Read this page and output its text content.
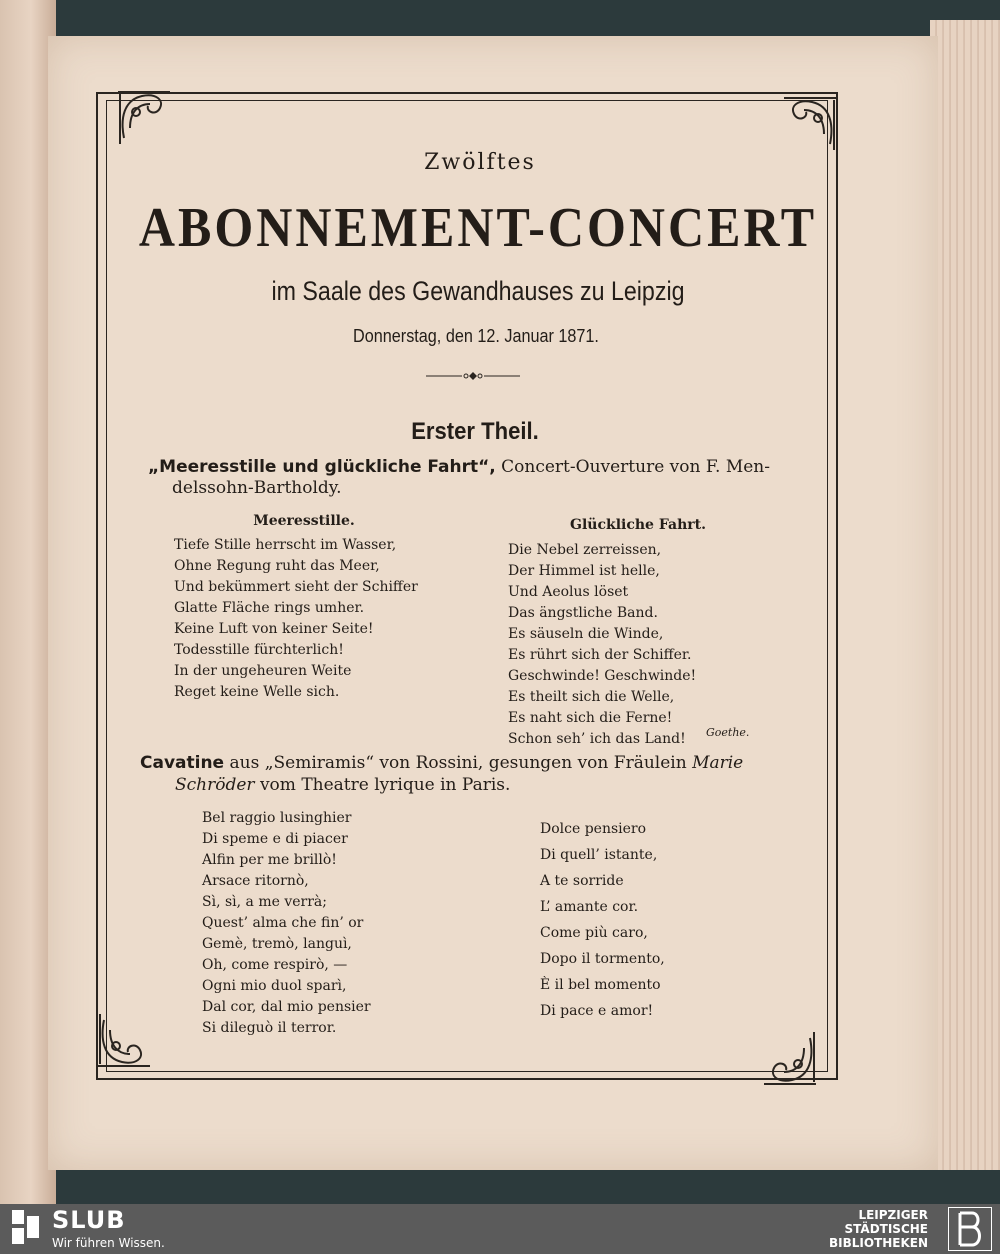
Zwölftes
ABONNEMENT-CONCERT
im Saale des Gewandhauses zu Leipzig
Donnerstag, den 12. Januar 1871.
Erster Theil.
„Meeresstille und glückliche Fahrt“, Concert-Ouverture von F. Men-
delssohn-Bartholdy.
Meeresstille.
Tiefe Stille herrscht im Wasser,
Ohne Regung ruht das Meer,
Und bekümmert sieht der Schiffer
Glatte Fläche rings umher.
Keine Luft von keiner Seite!
Todesstille fürchterlich!
In der ungeheuren Weite
Reget keine Welle sich.
Glückliche Fahrt.
Die Nebel zerreissen,
Der Himmel ist helle,
Und Aeolus löset
Das ängstliche Band.
Es säuseln die Winde,
Es rührt sich der Schiffer.
Geschwinde! Geschwinde!
Es theilt sich die Welle,
Es naht sich die Ferne!
Schon seh’ ich das Land!	Goethe.
Cavatine aus „Semiramis“ von Rossini, gesungen von Fräulein Marie
Schröder vom Theatre lyrique in Paris.
Bel raggio lusinghier
Di speme e di piacer
Alfin per me brillò!
Arsace ritornò,
Sì, sì, a me verrà;
Quest’ alma che fin’ or
Gemè, tremò, languì,
Oh, come respirò, —
Ogni mio duol sparì,
Dal cor, dal mio pensier
Si dileguò il terror.
Dolce pensiero
Di quell’ istante,
A te sorride
L’ amante cor.
Come più caro,
Dopo il tormento,
È il bel momento
Di pace e amor!
SLUB
Wir führen Wissen.
LEIPZIGER
STÄDTISCHE
BIBLIOTHEKEN
